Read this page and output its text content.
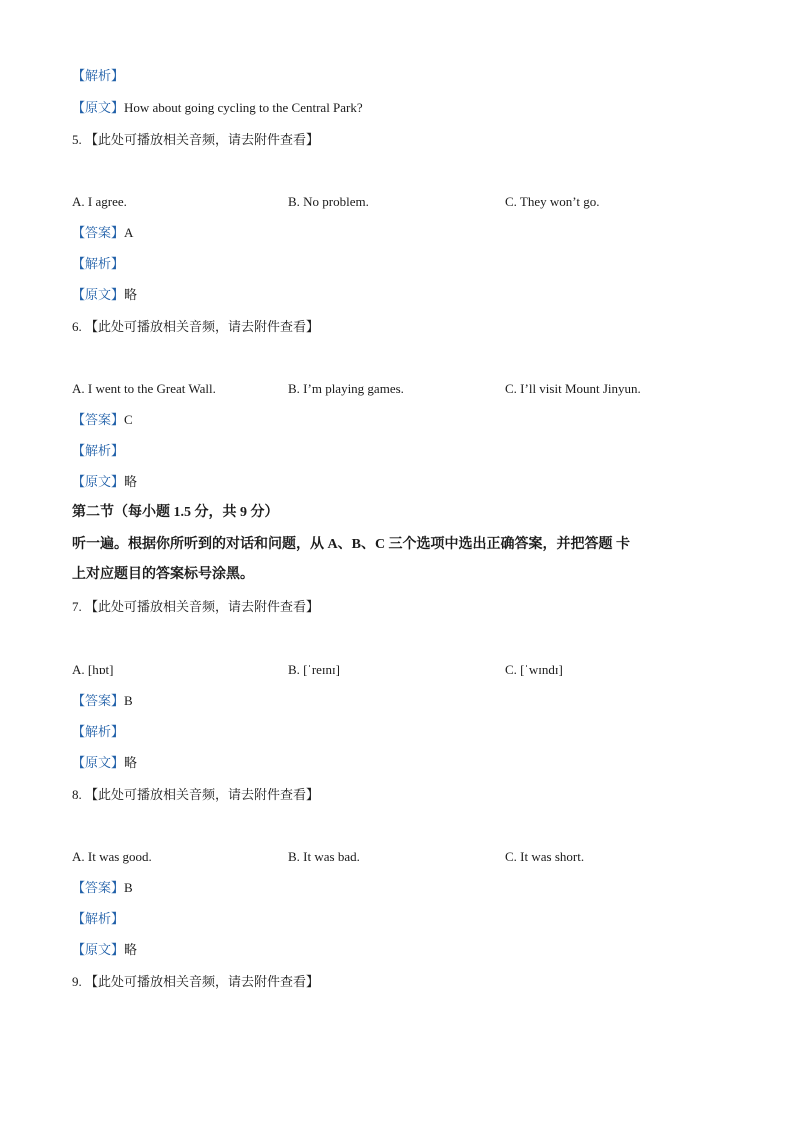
【解析】
【原文】How about going cycling to the Central Park?
5. 【此处可播放相关音频，请去附件查看】
A. I agree.	B. No problem.	C. They won’t go.
【答案】A
【解析】
【原文】略
6. 【此处可播放相关音频，请去附件查看】
A. I went to the Great Wall.	B. I’m playing games.	C. I’ll visit Mount Jinyun.
【答案】C
【解析】
【原文】略
第二节（每小题 1.5 分，共 9 分）
听一遍。根据你所听到的对话和问题，从 A、B、C 三个选项中选出正确答案，并把答题 卡
上对应题目的答案标号涂黑。
7. 【此处可播放相关音频，请去附件查看】
A. [hɒt]	B. [ˈreɪnɪ]	C. [ˈwɪndɪ]
【答案】B
【解析】
【原文】略
8. 【此处可播放相关音频，请去附件查看】
A. It was good.	B. It was bad.	C. It was short.
【答案】B
【解析】
【原文】略
9. 【此处可播放相关音频，请去附件查看】
